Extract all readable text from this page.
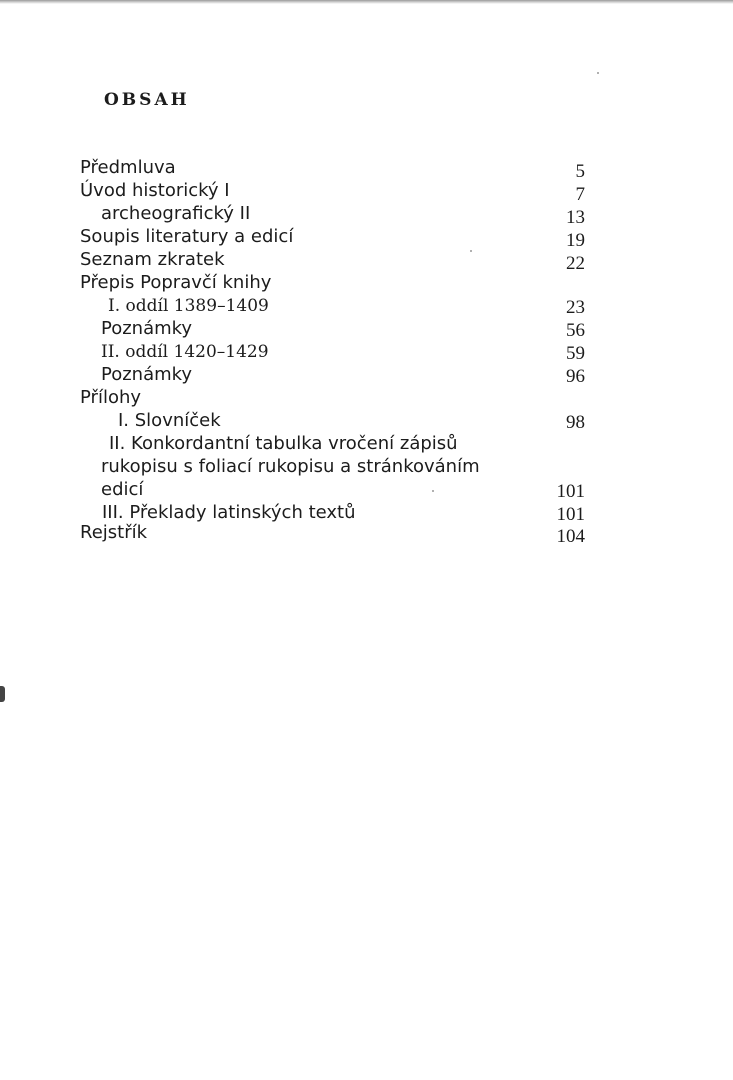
OBSAH
Předmluva	5
Úvod historický I	7
archeografický II	13
Soupis literatury a edicí	19
Seznam zkratek	22
Přepis Popravčí knihy
I. oddíl 1389–1409	23
Poznámky	56
II. oddíl 1420–1429	59
Poznámky	96
Přílohy
I. Slovníček	98
II. Konkordantní tabulka vročení zápisů
rukopisu s foliací rukopisu a stránkováním
edicí	101
III. Překlady latinských textů	101
Rejstřík	104
